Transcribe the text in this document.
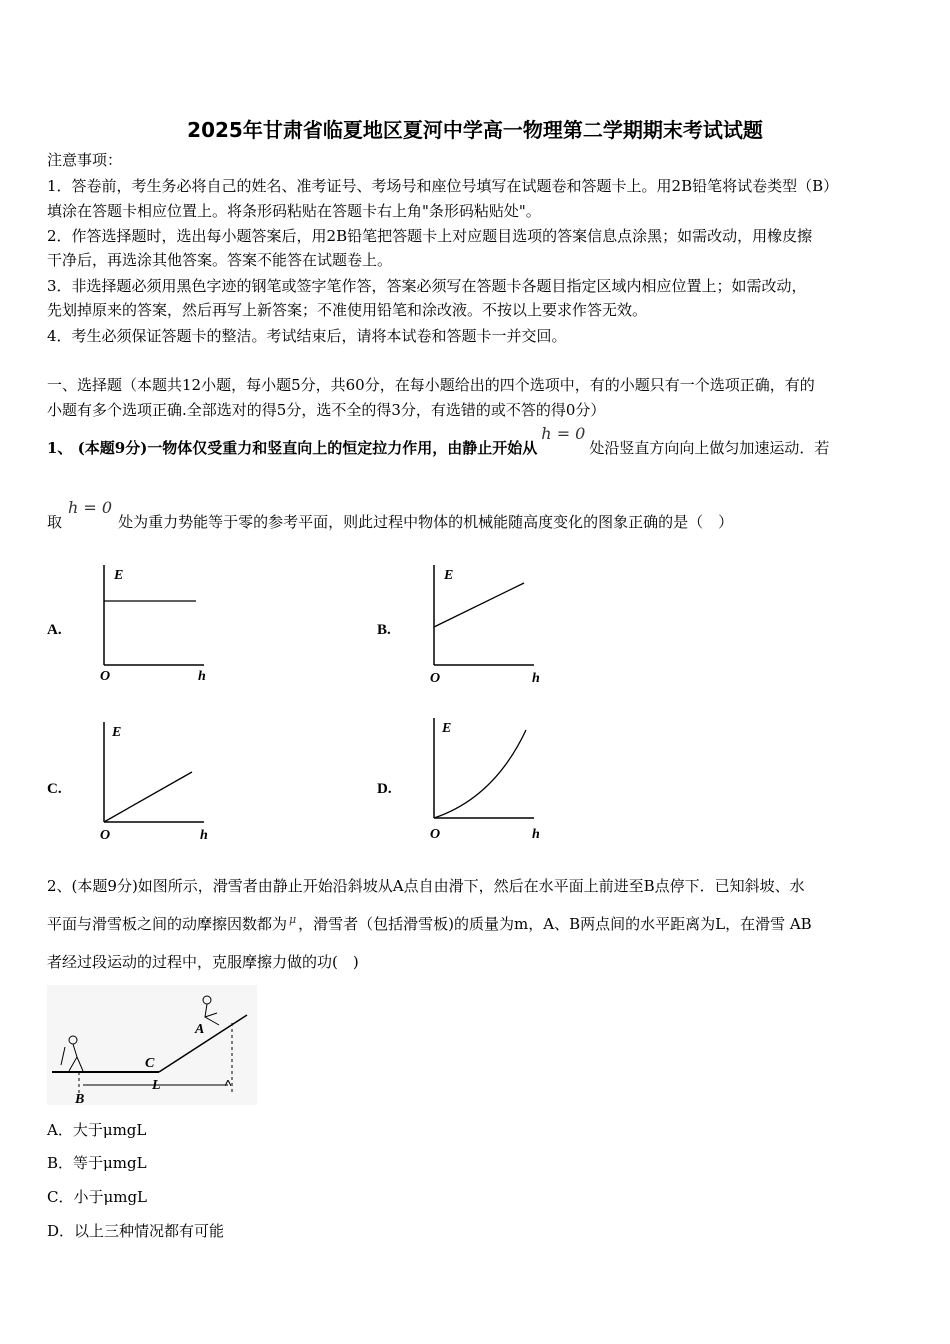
2025年甘肃省临夏地区夏河中学高一物理第二学期期末考试试题
注意事项：
1．答卷前，考生务必将自己的姓名、准考证号、考场号和座位号填写在试题卷和答题卡上。用2B铅笔将试卷类型（B）
填涂在答题卡相应位置上。将条形码粘贴在答题卡右上角"条形码粘贴处"。
2．作答选择题时，选出每小题答案后，用2B铅笔把答题卡上对应题目选项的答案信息点涂黑；如需改动，用橡皮擦
干净后，再选涂其他答案。答案不能答在试题卷上。
3．非选择题必须用黑色字迹的钢笔或签字笔作答，答案必须写在答题卡各题目指定区域内相应位置上；如需改动，
先划掉原来的答案，然后再写上新答案；不准使用铅笔和涂改液。不按以上要求作答无效。
4．考生必须保证答题卡的整洁。考试结束后，请将本试卷和答题卡一并交回。
一、选择题（本题共12小题，每小题5分，共60分，在每小题给出的四个选项中，有的小题只有一个选项正确，有的
小题有多个选项正确.全部选对的得5分，选不全的得3分，有选错的或不答的得0分）
1、 (本题9分)一物体仅受重力和竖直向上的恒定拉力作用，由静止开始从h = 0处沿竖直方向向上做匀加速运动．若
取h = 0处为重力势能等于零的参考平面，则此过程中物体的机械能随高度变化的图象正确的是（　）
A.	B.
C.	D.
E
O	h
E
O	h
E
O	h
E
O	h
B
C
A
L
2、(本题9分)如图所示，滑雪者由静止开始沿斜坡从A点自由滑下，然后在水平面上前进至B点停下．已知斜坡、水
平面与滑雪板之间的动摩擦因数都为 $^\mu$ ，滑雪者（包括滑雪板)的质量为m，A、B两点间的水平距离为L，在滑雪 AB
者经过段运动的过程中，克服摩擦力做的功(　)
A．大于μmgL
B．等于μmgL
C．小于μmgL
D．以上三种情况都有可能
